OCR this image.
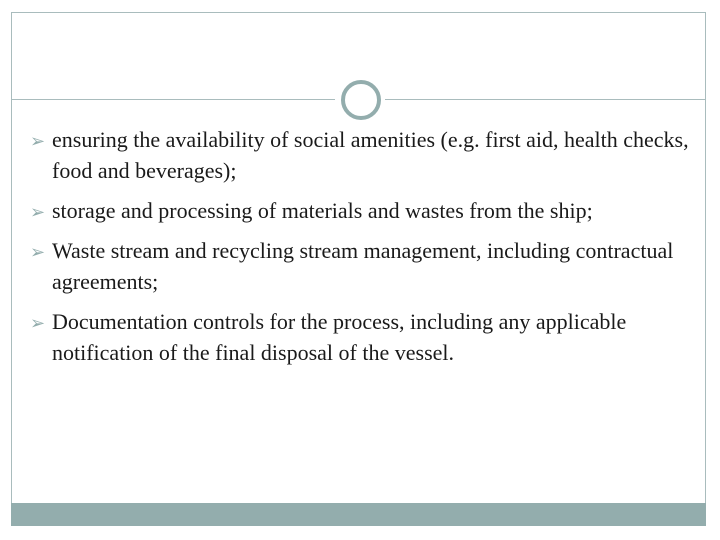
➢ ensuring the availability of social amenities (e.g. first aid, health checks, food and beverages);
➢ storage and processing of materials and wastes from the ship;
➢ Waste stream and recycling stream management, including contractual agreements;
➢ Documentation controls for the process, including any applicable notification of the final disposal of the vessel.
